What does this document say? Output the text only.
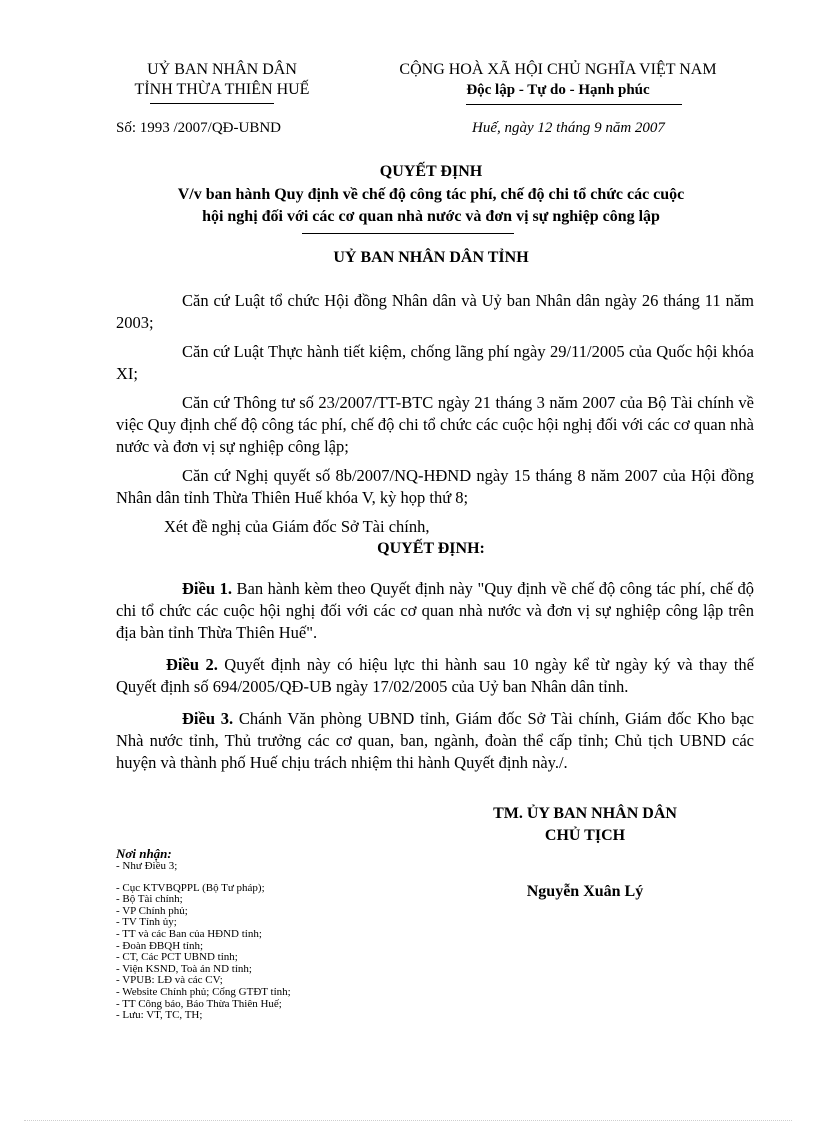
UỶ BAN NHÂN DÂN
TỈNH THỪA THIÊN HUẾ
CỘNG HOÀ XÃ HỘI CHỦ NGHĨA VIỆT NAM
Độc lập - Tự do - Hạnh phúc
Số: 1993 /2007/QĐ-UBND	Huế, ngày 12 tháng 9 năm 2007
QUYẾT ĐỊNH
V/v ban hành Quy định về chế độ công tác phí, chế độ chi tổ chức các cuộc
hội nghị đối với các cơ quan nhà nước và đơn vị sự nghiệp công lập
UỶ BAN NHÂN DÂN TỈNH

Căn cứ Luật tổ chức Hội đồng Nhân dân và Uỷ ban Nhân dân ngày 26 tháng 11 năm 2003;

Căn cứ Luật Thực hành tiết kiệm, chống lãng phí ngày 29/11/2005 của Quốc hội khóa XI;

Căn cứ Thông tư số 23/2007/TT-BTC ngày 21 tháng 3 năm 2007 của Bộ Tài chính về việc Quy định chế độ công tác phí, chế độ chi tổ chức các cuộc hội nghị đối với các cơ quan nhà nước và đơn vị sự nghiệp công lập;

Căn cứ Nghị quyết số 8b/2007/NQ-HĐND ngày 15 tháng 8 năm 2007 của Hội đồng Nhân dân tỉnh Thừa Thiên Huế khóa V, kỳ họp thứ 8;

Xét đề nghị của Giám đốc Sở Tài chính,

QUYẾT ĐỊNH:

Điều 1. Ban hành kèm theo Quyết định này "Quy định về chế độ công tác phí, chế độ chi tổ chức các cuộc hội nghị đối với các cơ quan nhà nước và đơn vị sự nghiệp công lập trên địa bàn tỉnh Thừa Thiên Huế".

Điều 2. Quyết định này có hiệu lực thi hành sau 10 ngày kể từ ngày ký và thay thế Quyết định số 694/2005/QĐ-UB ngày 17/02/2005 của Uỷ ban Nhân dân tỉnh.

Điều 3. Chánh Văn phòng UBND tỉnh, Giám đốc Sở Tài chính, Giám đốc Kho bạc Nhà nước tỉnh, Thủ trưởng các cơ quan, ban, ngành, đoàn thể cấp tỉnh; Chủ tịch UBND các huyện và thành phố Huế chịu trách nhiệm thi hành Quyết định này./.

TM. ỦY BAN NHÂN DÂN
CHỦ TỊCH
Nguyễn Xuân Lý
Nơi nhận:
- Như Điều 3;
- Cục KTVBQPPL (Bộ Tư pháp);
- Bộ Tài chính;
- VP Chính phủ;
- TV Tỉnh ủy;
- TT và các Ban của HĐND tỉnh;
- Đoàn ĐBQH tỉnh;
- CT, Các PCT UBND tỉnh;
- Viện KSND, Toà án ND tỉnh;
- VPUB: LĐ và các CV;
- Website Chính phủ; Cổng GTĐT tỉnh;
- TT Công báo, Báo Thừa Thiên Huế;
- Lưu: VT, TC, TH;
